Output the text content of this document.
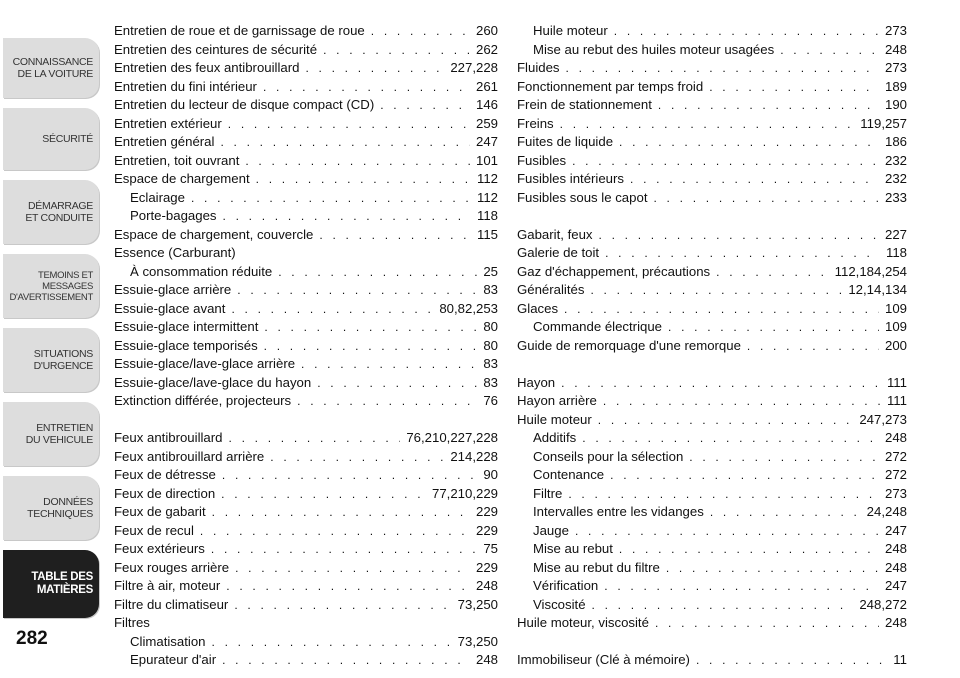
CONNAISSANCE
DE LA VOITURE
SÉCURITÉ
DÉMARRAGE
ET CONDUITE
TEMOINS ET
MESSAGES
D'AVERTISSEMENT
SITUATIONS
D'URGENCE
ENTRETIEN
DU VEHICULE
DONNÉES
TECHNIQUES
TABLE DES
MATIÈRES
282
Entretien de roue et de garnissage de roue . . .	260
Entretien des ceintures de sécurité . . .	262
Entretien des feux antibrouillard . . .	227,228
Entretien du fini intérieur . . .	261
Entretien du lecteur de disque compact (CD) . . .	146
Entretien extérieur . . .	259
Entretien général . . .	247
Entretien, toit ouvrant . . .	101
Espace de chargement . . .	112
Eclairage . . .	112
Porte-bagages . . .	118
Espace de chargement, couvercle . . .	115
Essence (Carburant)
À consommation réduite . . .	25
Essuie-glace arrière . . .	83
Essuie-glace avant . . .	80,82,253
Essuie-glace intermittent . . .	80
Essuie-glace temporisés . . .	80
Essuie-glace/lave-glace arrière . . .	83
Essuie-glace/lave-glace du hayon . . .	83
Extinction différée, projecteurs . . .	76
Feux antibrouillard . . .	76,210,227,228
Feux antibrouillard arrière . . .	214,228
Feux de détresse . . .	90
Feux de direction . . .	77,210,229
Feux de gabarit . . .	229
Feux de recul . . .	229
Feux extérieurs . . .	75
Feux rouges arrière . . .	229
Filtre à air, moteur . . .	248
Filtre du climatiseur . . .	73,250
Filtres
Climatisation . . .	73,250
Epurateur d'air . . .	248
Huile moteur . . .	273
Mise au rebut des huiles moteur usagées . . .	248
Fluides . . .	273
Fonctionnement par temps froid . . .	189
Frein de stationnement . . .	190
Freins . . .	119,257
Fuites de liquide . . .	186
Fusibles . . .	232
Fusibles intérieurs . . .	232
Fusibles sous le capot . . .	233
Gabarit, feux . . .	227
Galerie de toit . . .	118
Gaz d'échappement, précautions . . .	112,184,254
Généralités . . .	12,14,134
Glaces . . .	109
Commande électrique . . .	109
Guide de remorquage d'une remorque . . .	200
Hayon . . .	111
Hayon arrière . . .	111
Huile moteur . . .	247,273
Additifs . . .	248
Conseils pour la sélection . . .	272
Contenance . . .	272
Filtre . . .	273
Intervalles entre les vidanges . . .	24,248
Jauge . . .	247
Mise au rebut . . .	248
Mise au rebut du filtre . . .	248
Vérification . . .	247
Viscosité . . .	248,272
Huile moteur, viscosité . . .	248
Immobiliseur (Clé à mémoire) . . .	11
